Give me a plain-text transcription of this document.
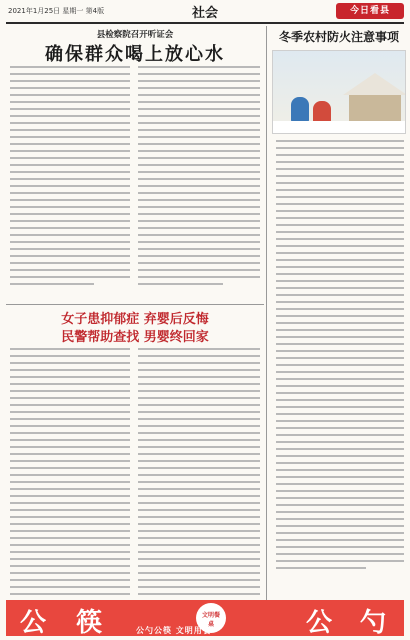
2021年1月25日 星期一 第4版	社会	今日看县
县检察院召开听证会
确保群众喝上放心水
冬季农村防火注意事项
女子患抑郁症 弃婴后反悔
民警帮助查找 男婴终回家
公 筷	文明餐桌	公 勺
公勺公筷 文明用餐
